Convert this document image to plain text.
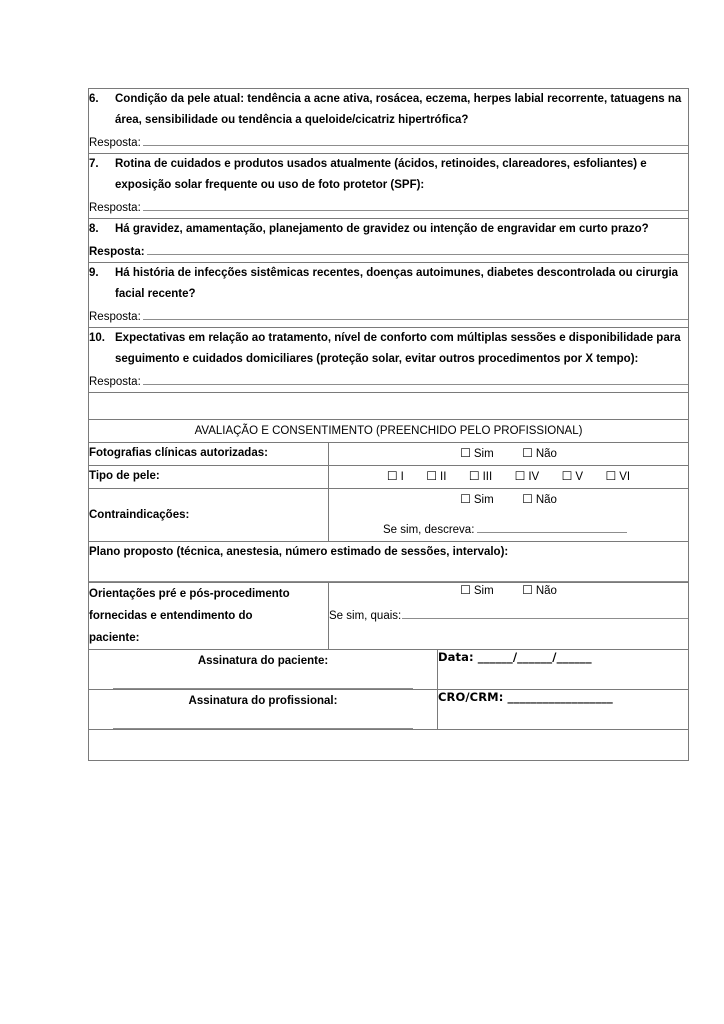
6. Condição da pele atual: tendência a acne ativa, rosácea, eczema, herpes labial recorrente, tatuagens na área, sensibilidade ou tendência a queloide/cicatriz hipertrófica?
Resposta:		

7. Rotina de cuidados e produtos usados atualmente (ácidos, retinoides, clareadores, esfoliantes) e exposição solar frequente ou uso de foto protetor (SPF):
Resposta:		

8. Há gravidez, amamentação, planejamento de gravidez ou intenção de engravidar em curto prazo?
Resposta:		

9. Há história de infecções sistêmicas recentes, doenças autoimunes, diabetes descontrolada ou cirurgia facial recente?
Resposta:		

10. Expectativas em relação ao tratamento, nível de conforto com múltiplas sessões e disponibilidade para seguimento e cuidados domiciliares (proteção solar, evitar outros procedimentos por X tempo):
Resposta:		

AVALIAÇÃO E CONSENTIMENTO (PREENCHIDO PELO PROFISSIONAL)		
Fotografias clínicas autorizadas:	☐ Sim ☐ Não	

Tipo de pele:	☐ I ☐ II ☐ III ☐ IV ☐ V ☐ VI	

Contraindicações:	☐ Sim ☐ Não
Se sim, descreva:	

Plano proposto (técnica, anestesia, número estimado de sessões, intervalo):		

Orientações pré e pós-procedimento
fornecidas e entendimento do
paciente:

☐ Sim ☐ Não
Se sim, quais:

Assinatura do paciente:		Data: ______/______/______

Assinatura do profissional:		CRO/CRM: __________________
